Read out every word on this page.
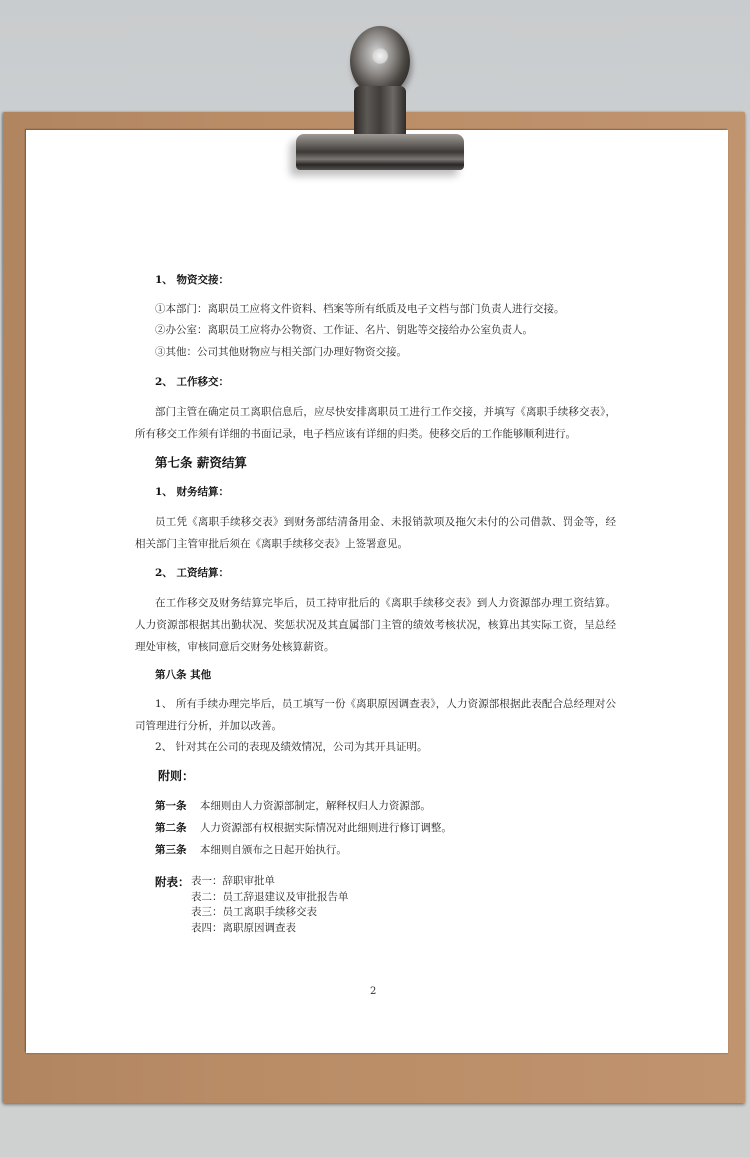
1、 物资交接：
①本部门：离职员工应将文件资料、档案等所有纸质及电子文档与部门负责人进行交接。
②办公室：离职员工应将办公物资、工作证、名片、钥匙等交接给办公室负责人。
③其他：公司其他财物应与相关部门办理好物资交接。
2、 工作移交：
部门主管在确定员工离职信息后，应尽快安排离职员工进行工作交接，并填写《离职手续移交表》，所有移交工作须有详细的书面记录，电子档应该有详细的归类。使移交后的工作能够顺利进行。
第七条 薪资结算
1、 财务结算：
员工凭《离职手续移交表》到财务部结清备用金、未报销款项及拖欠未付的公司借款、罚金等，经相关部门主管审批后须在《离职手续移交表》上签署意见。
2、 工资结算：
在工作移交及财务结算完毕后，员工持审批后的《离职手续移交表》到人力资源部办理工资结算。人力资源部根据其出勤状况、奖惩状况及其直属部门主管的绩效考核状况，核算出其实际工资，呈总经理处审核，审核同意后交财务处核算薪资。
第八条 其他
1、 所有手续办理完毕后，员工填写一份《离职原因调查表》，人力资源部根据此表配合总经理对公司管理进行分析，并加以改善。
2、 针对其在公司的表现及绩效情况，公司为其开具证明。
附则：
第一条 本细则由人力资源部制定，解释权归人力资源部。
第二条 人力资源部有权根据实际情况对此细则进行修订调整。
第三条 本细则自颁布之日起开始执行。
附表： 表一：辞职审批单
表二：员工辞退建议及审批报告单
表三：员工离职手续移交表
表四：离职原因调查表
2
